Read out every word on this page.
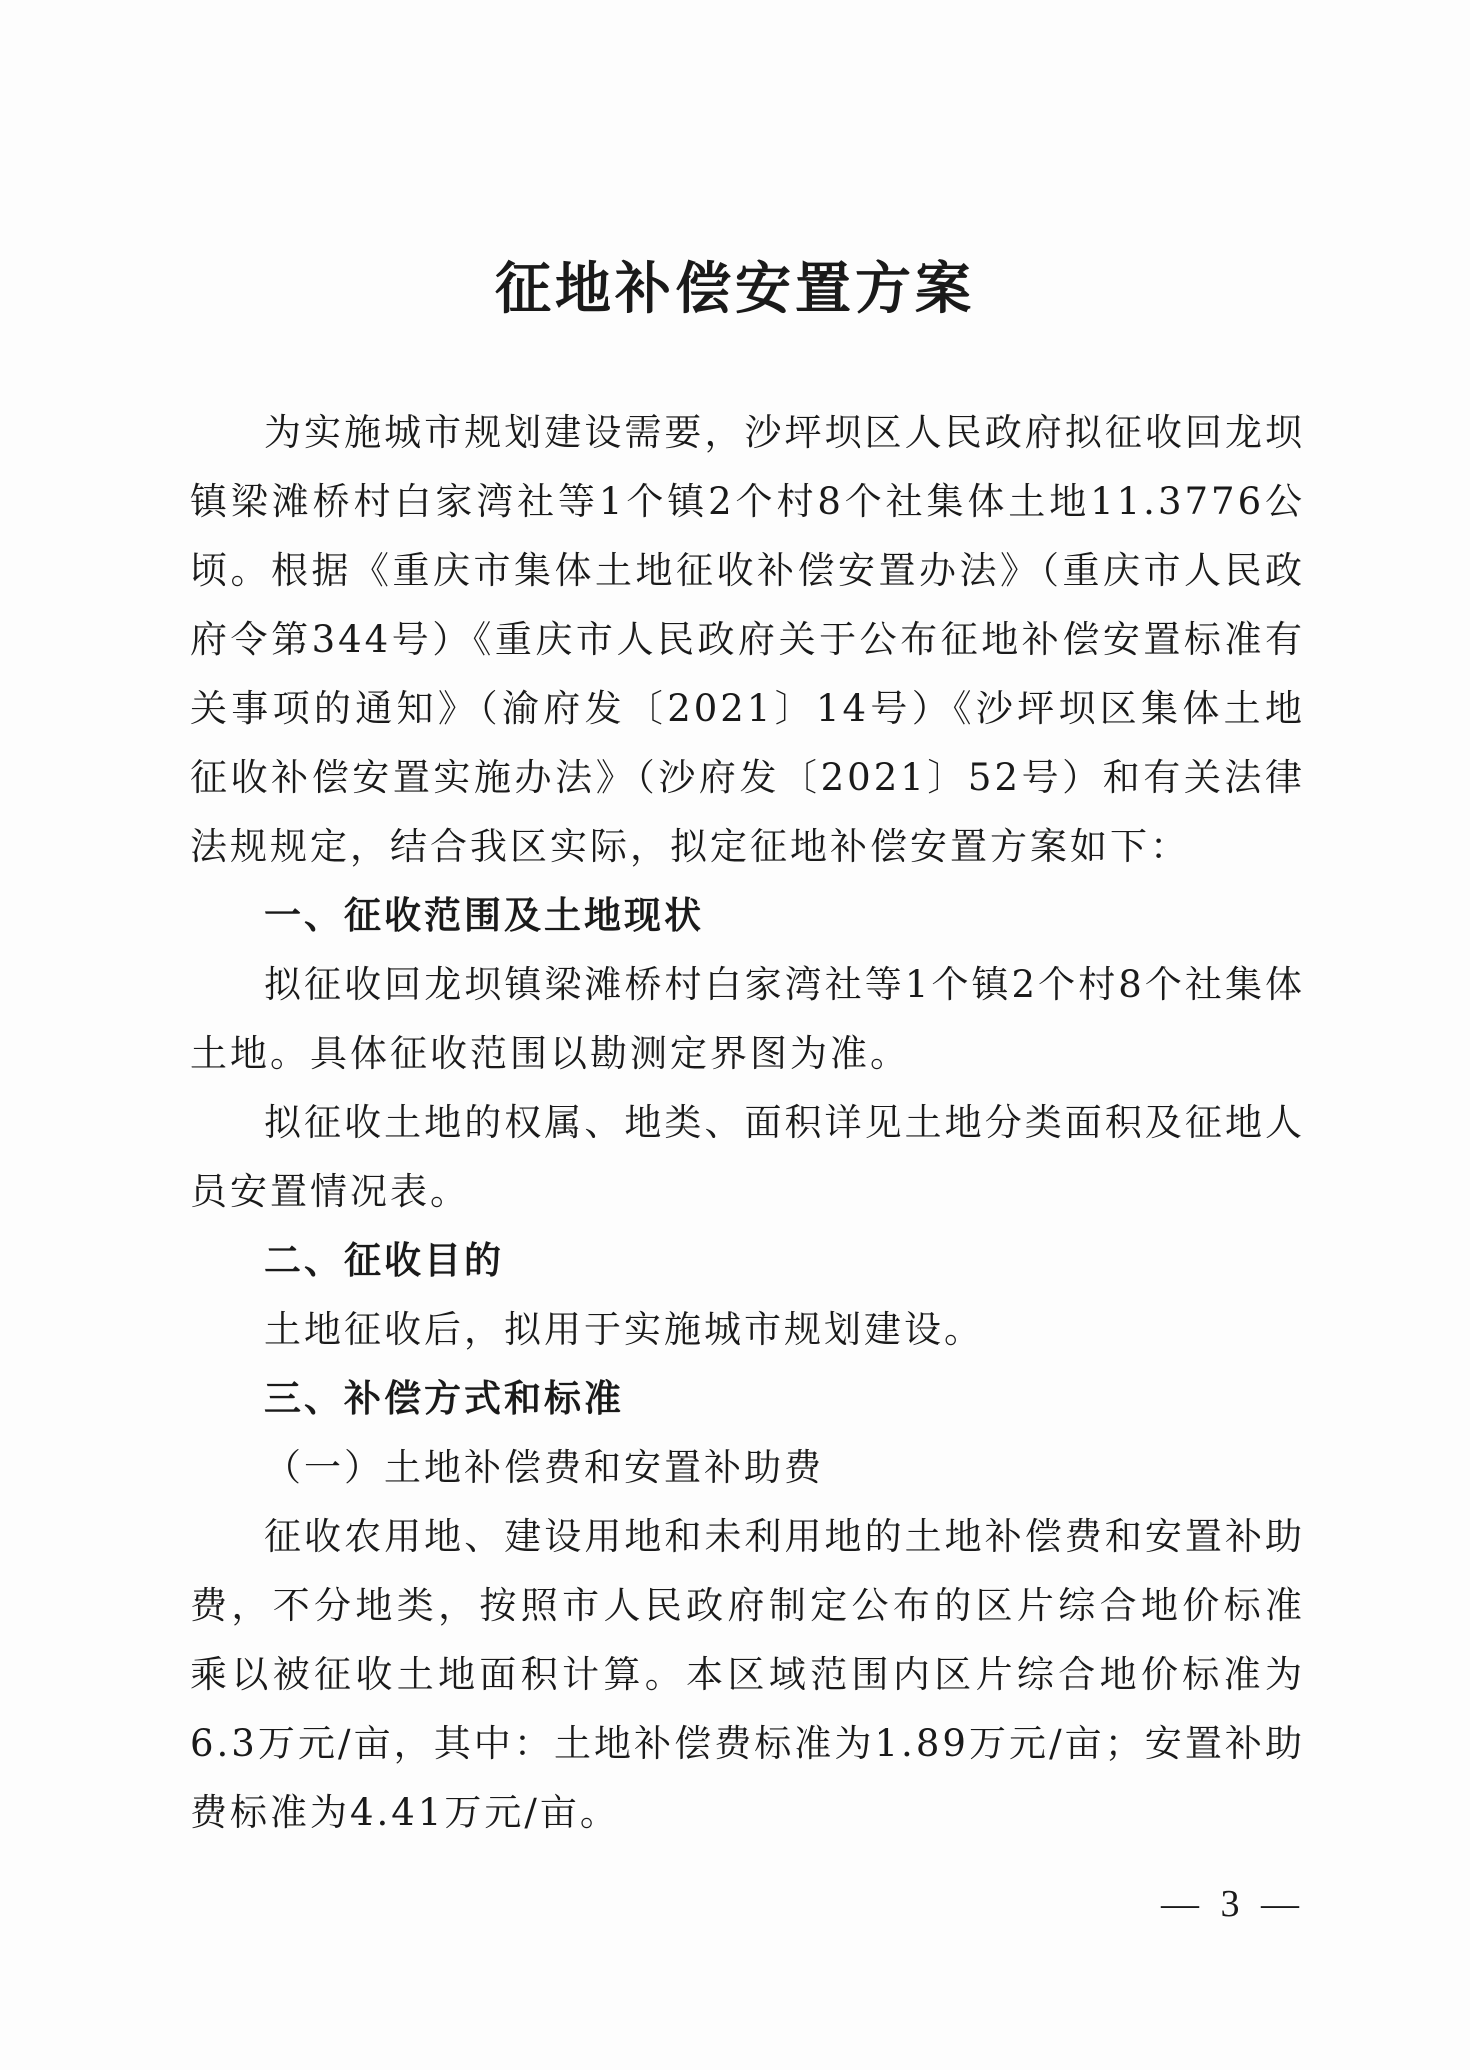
征地补偿安置方案

为实施城市规划建设需要，沙坪坝区人民政府拟征收回龙坝镇梁滩桥村白家湾社等1个镇2个村8个社集体土地11.3776公顷。根据《重庆市集体土地征收补偿安置办法》（重庆市人民政府令第344号）《重庆市人民政府关于公布征地补偿安置标准有关事项的通知》（渝府发〔2021〕14号）《沙坪坝区集体土地征收补偿安置实施办法》（沙府发〔2021〕52号）和有关法律法规规定，结合我区实际，拟定征地补偿安置方案如下：

一、征收范围及土地现状

拟征收回龙坝镇梁滩桥村白家湾社等1个镇2个村8个社集体土地。具体征收范围以勘测定界图为准。

拟征收土地的权属、地类、面积详见土地分类面积及征地人员安置情况表。

二、征收目的

土地征收后，拟用于实施城市规划建设。

三、补偿方式和标准

（一）土地补偿费和安置补助费

征收农用地、建设用地和未利用地的土地补偿费和安置补助费，不分地类，按照市人民政府制定公布的区片综合地价标准乘以被征收土地面积计算。本区域范围内区片综合地价标准为6.3万元/亩，其中：土地补偿费标准为1.89万元/亩；安置补助费标准为4.41万元/亩。

— 3 —
